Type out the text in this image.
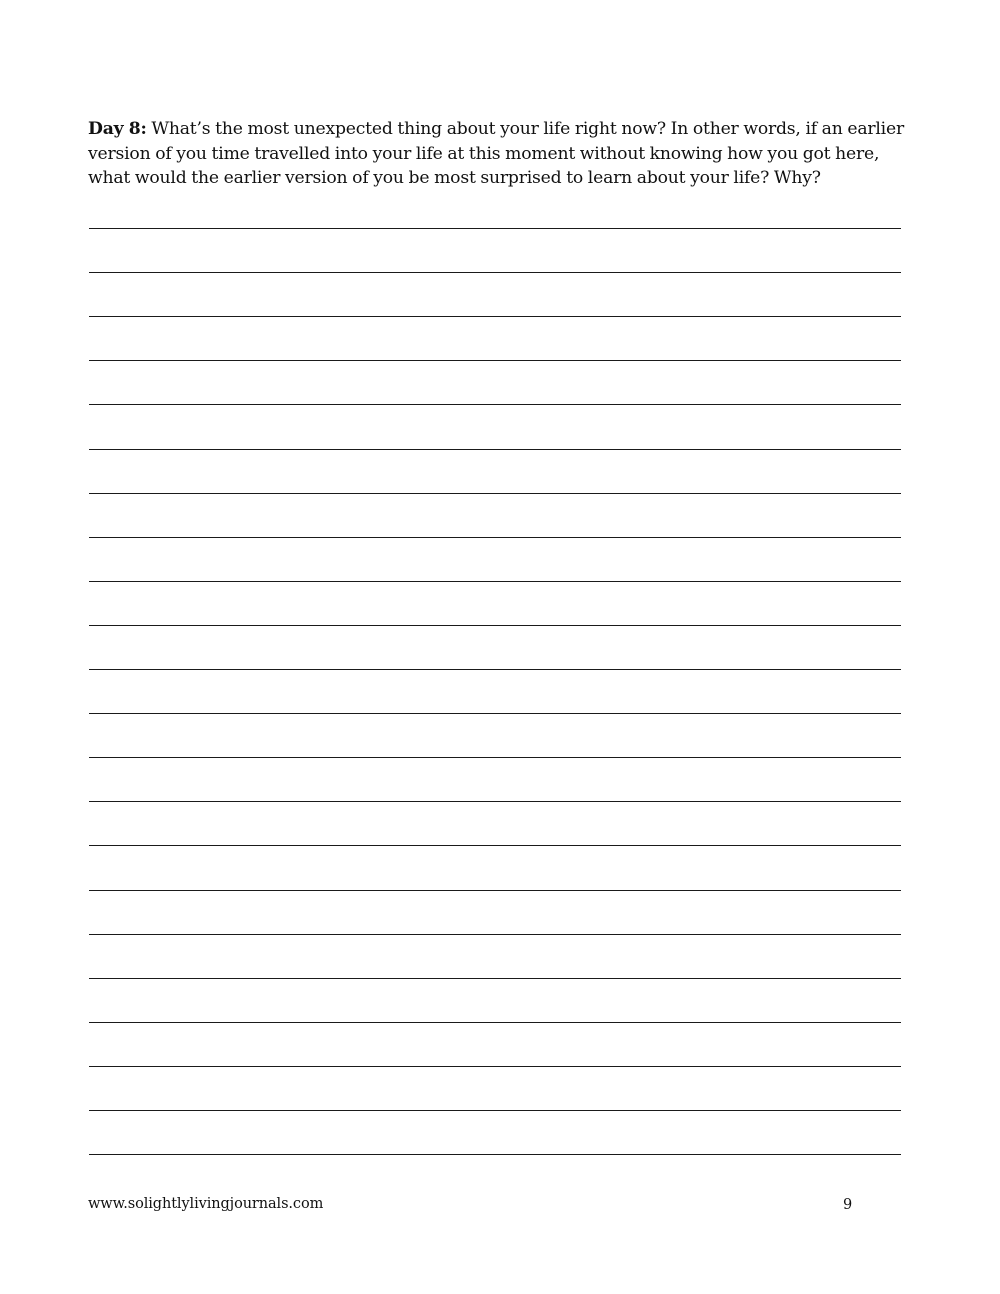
Day 8: What’s the most unexpected thing about your life right now? In other words, if an earlier version of you time travelled into your life at this moment without knowing how you got here, what would the earlier version of you be most surprised to learn about your life? Why?

www.solightlylivingjournals.com	9
